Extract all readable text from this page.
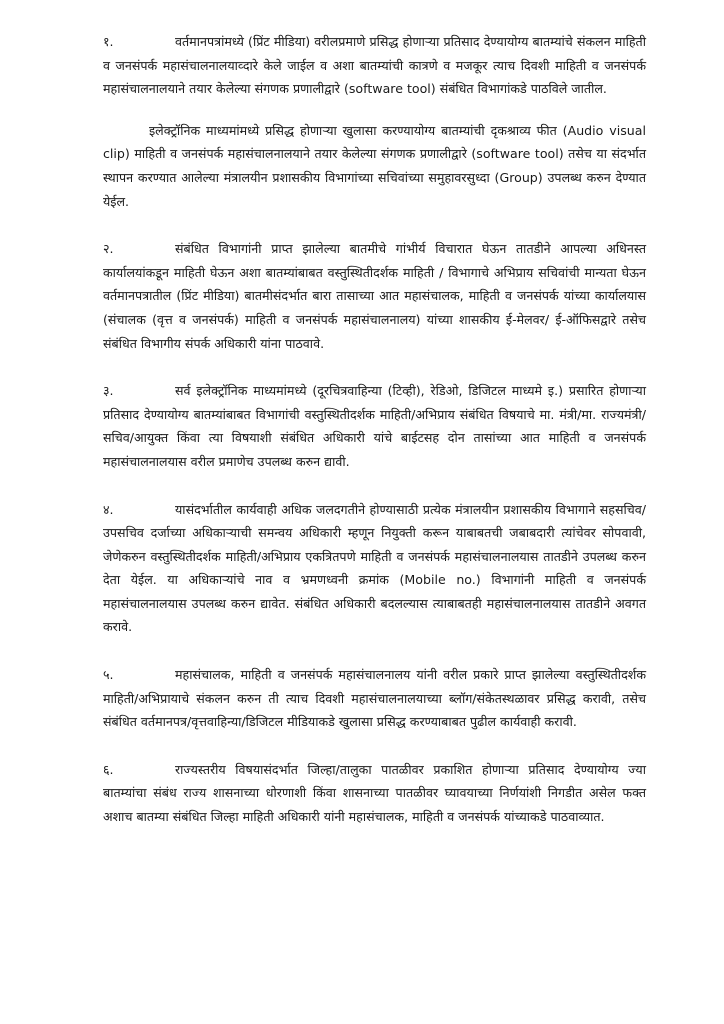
१.	वर्तमानपत्रांमध्ये (प्रिंट मीडिया) वरीलप्रमाणे प्रसिद्ध होणाऱ्या प्रतिसाद देण्यायोग्य बातम्यांचे संकलन माहिती व जनसंपर्क महासंचालनालयाव्दारे केले जाईल व अशा बातम्यांची कात्रणे व मजकूर त्याच दिवशी माहिती व जनसंपर्क महासंचालनालयाने तयार केलेल्या संगणक प्रणालीद्वारे (software tool) संबंधित विभागांकडे पाठविले जातील.

इलेक्ट्रॉनिक माध्यमांमध्ये प्रसिद्ध होणाऱ्या खुलासा करण्यायोग्य बातम्यांची दृकश्राव्य फीत (Audio visual clip) माहिती व जनसंपर्क महासंचालनालयाने तयार केलेल्या संगणक प्रणालीद्वारे (software tool) तसेच या संदर्भात स्थापन करण्यात आलेल्या मंत्रालयीन प्रशासकीय विभागांच्या सचिवांच्या समुहावरसुध्दा (Group) उपलब्ध करुन देण्यात येईल.

२.	संबंधित विभागांनी प्राप्त झालेल्या बातमीचे गांभीर्य विचारात घेऊन तातडीने आपल्या अधिनस्त कार्यालयांकडून माहिती घेऊन अशा बातम्यांबाबत वस्तुस्थितीदर्शक माहिती / विभागाचे अभिप्राय सचिवांची मान्यता घेऊन वर्तमानपत्रातील (प्रिंट मीडिया) बातमीसंदर्भात बारा तासाच्या आत महासंचालक, माहिती व जनसंपर्क यांच्या कार्यालयास (संचालक (वृत्त व जनसंपर्क) माहिती व जनसंपर्क महासंचालनालय) यांच्या शासकीय ई-मेलवर/ ई-ऑफिसद्वारे तसेच संबंधित विभागीय संपर्क अधिकारी यांना पाठवावे.

३.	सर्व इलेक्ट्रॉनिक माध्यमांमध्ये (दूरचित्रवाहिन्या (टिव्ही), रेडिओ, डिजिटल माध्यमे इ.) प्रसारित होणाऱ्या प्रतिसाद देण्यायोग्य बातम्यांबाबत विभागांची वस्तुस्थितीदर्शक माहिती/अभिप्राय संबंधित विषयाचे मा. मंत्री/मा. राज्यमंत्री/सचिव/आयुक्त किंवा त्या विषयाशी संबंधित अधिकारी यांचे बाईटसह दोन तासांच्या आत माहिती व जनसंपर्क महासंचालनालयास वरील प्रमाणेच उपलब्ध करुन द्यावी.

४.	यासंदर्भातील कार्यवाही अधिक जलदगतीने होण्यासाठी प्रत्येक मंत्रालयीन प्रशासकीय विभागाने सहसचिव/उपसचिव दर्जाच्या अधिकाऱ्याची समन्वय अधिकारी म्हणून नियुक्ती करून याबाबतची जबाबदारी त्यांचेवर सोपवावी, जेणेकरुन वस्तुस्थितीदर्शक माहिती/अभिप्राय एकत्रितपणे माहिती व जनसंपर्क महासंचालनालयास तातडीने उपलब्ध करुन देता येईल. या अधिकाऱ्यांचे नाव व भ्रमणध्वनी क्रमांक (Mobile no.) विभागांनी माहिती व जनसंपर्क महासंचालनालयास उपलब्ध करुन द्यावेत. संबंधित अधिकारी बदलल्यास त्याबाबतही महासंचालनालयास तातडीने अवगत करावे.

५.	महासंचालक, माहिती व जनसंपर्क महासंचालनालय यांनी वरील प्रकारे प्राप्त झालेल्या वस्तुस्थितीदर्शक माहिती/अभिप्रायाचे संकलन करुन ती त्याच दिवशी महासंचालनालयाच्या ब्लॉग/संकेतस्थळावर प्रसिद्ध करावी, तसेच संबंधित वर्तमानपत्र/वृत्तवाहिन्या/डिजिटल मीडियाकडे खुलासा प्रसिद्ध करण्याबाबत पुढील कार्यवाही करावी.

६.	राज्यस्तरीय विषयासंदर्भात जिल्हा/तालुका पातळीवर प्रकाशित होणाऱ्या प्रतिसाद देण्यायोग्य ज्या बातम्यांचा संबंध राज्य शासनाच्या धोरणाशी किंवा शासनाच्या पातळीवर घ्यावयाच्या निर्णयांशी निगडीत असेल फक्त अशाच बातम्या संबंधित जिल्हा माहिती अधिकारी यांनी महासंचालक, माहिती व जनसंपर्क यांच्याकडे पाठवाव्यात.
